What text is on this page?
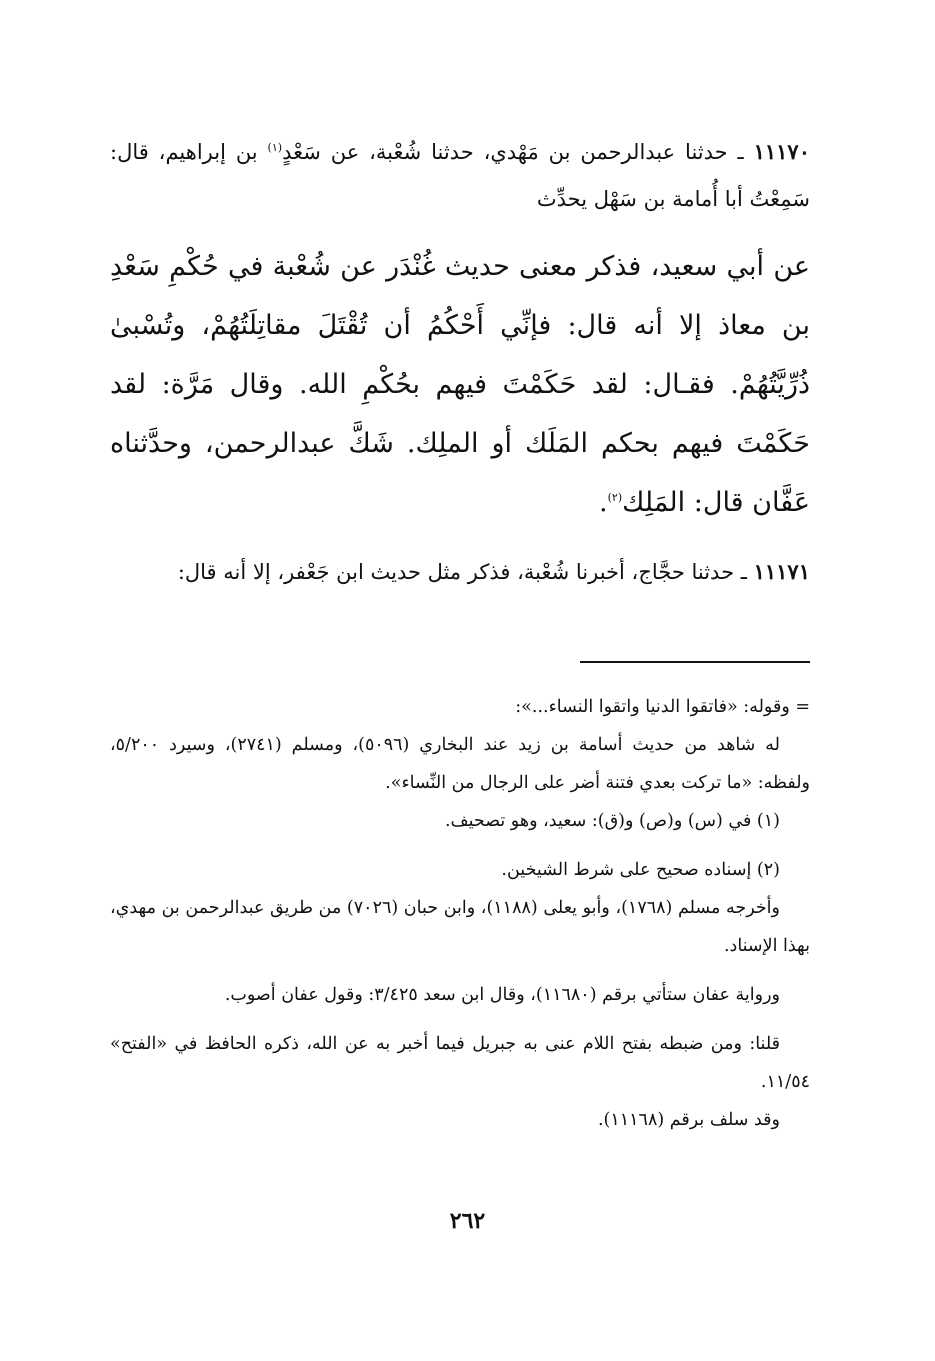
١١١٧٠ ـ حدثنا عبدالرحمن بن مَهْدي، حدثنا شُعْبة، عن سَعْدٍ$^{(١)}$ بن إبراهيم، قال: سَمِعْتُ أبا أُمامة بن سَهْل يحدِّث

عن أبي سعيد، فذكر معنى حديث غُنْدَر عن شُعْبة في حُكْمِ سَعْدِ بن معاذ إلا أنه قال: فإنِّي أَحْكُمُ أن تُقْتَلَ مقاتِلَتُهُمْ، وتُسْبىٰ ذُرِّيَّتُهُمْ. فقـال: لقد حَكَمْتَ فيهم بحُكْمِ الله. وقال مَرَّة: لقد حَكَمْتَ فيهم بحكم المَلَك أو الملِك. شَكَّ عبدالرحمن، وحدَّثناه عَفَّان قال: المَلِك$^{(٢)}$.

١١١٧١ ـ حدثنا حجَّاج، أخبرنا شُعْبة، فذكر مثل حديث ابن جَعْفر، إلا أنه قال:

= وقوله: «فاتقوا الدنيا واتقوا النساء...»:

له شاهد من حديث أسامة بن زيد عند البخاري (٥٠٩٦)، ومسلم (٢٧٤١)، وسيرد ٥/٢٠٠، ولفظه: «ما تركت بعدي فتنة أضر على الرجال من النِّساء».

(١) في (س) و(ص) و(ق): سعيد، وهو تصحيف.

(٢) إسناده صحيح على شرط الشيخين.

وأخرجه مسلم (١٧٦٨)، وأبو يعلى (١١٨٨)، وابن حبان (٧٠٢٦) من طريق عبدالرحمن بن مهدي، بهذا الإسناد.

ورواية عفان ستأتي برقم (١١٦٨٠)، وقال ابن سعد ٣/٤٢٥: وقول عفان أصوب.

قلنا: ومن ضبطه بفتح اللام عنى به جبريل فيما أخبر به عن الله، ذكره الحافظ في «الفتح» ١١/٥٤.

وقد سلف برقم (١١١٦٨).

٢٦٢
